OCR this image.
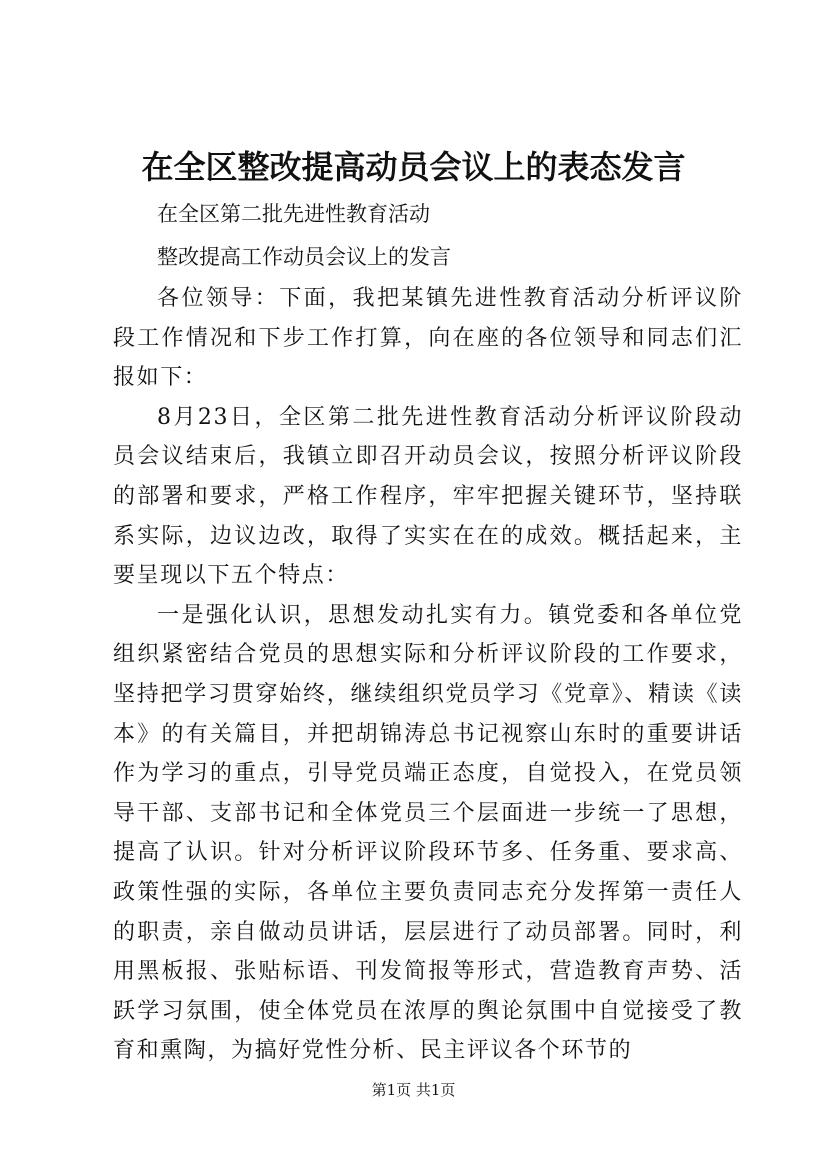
在全区整改提高动员会议上的表态发言
在全区第二批先进性教育活动
整改提高工作动员会议上的发言

各位领导：下面，我把某镇先进性教育活动分析评议阶段工作情况和下步工作打算，向在座的各位领导和同志们汇报如下：

8月23日，全区第二批先进性教育活动分析评议阶段动员会议结束后，我镇立即召开动员会议，按照分析评议阶段的部署和要求，严格工作程序，牢牢把握关键环节，坚持联系实际，边议边改，取得了实实在在的成效。概括起来，主要呈现以下五个特点：

一是强化认识，思想发动扎实有力。镇党委和各单位党组织紧密结合党员的思想实际和分析评议阶段的工作要求，坚持把学习贯穿始终，继续组织党员学习《党章》、精读《读本》的有关篇目，并把胡锦涛总书记视察山东时的重要讲话作为学习的重点，引导党员端正态度，自觉投入，在党员领导干部、支部书记和全体党员三个层面进一步统一了思想，提高了认识。针对分析评议阶段环节多、任务重、要求高、政策性强的实际，各单位主要负责同志充分发挥第一责任人的职责，亲自做动员讲话，层层进行了动员部署。同时，利用黑板报、张贴标语、刊发简报等形式，营造教育声势、活跃学习氛围，使全体党员在浓厚的舆论氛围中自觉接受了教育和熏陶，为搞好党性分析、民主评议各个环节的

第1页 共1页
